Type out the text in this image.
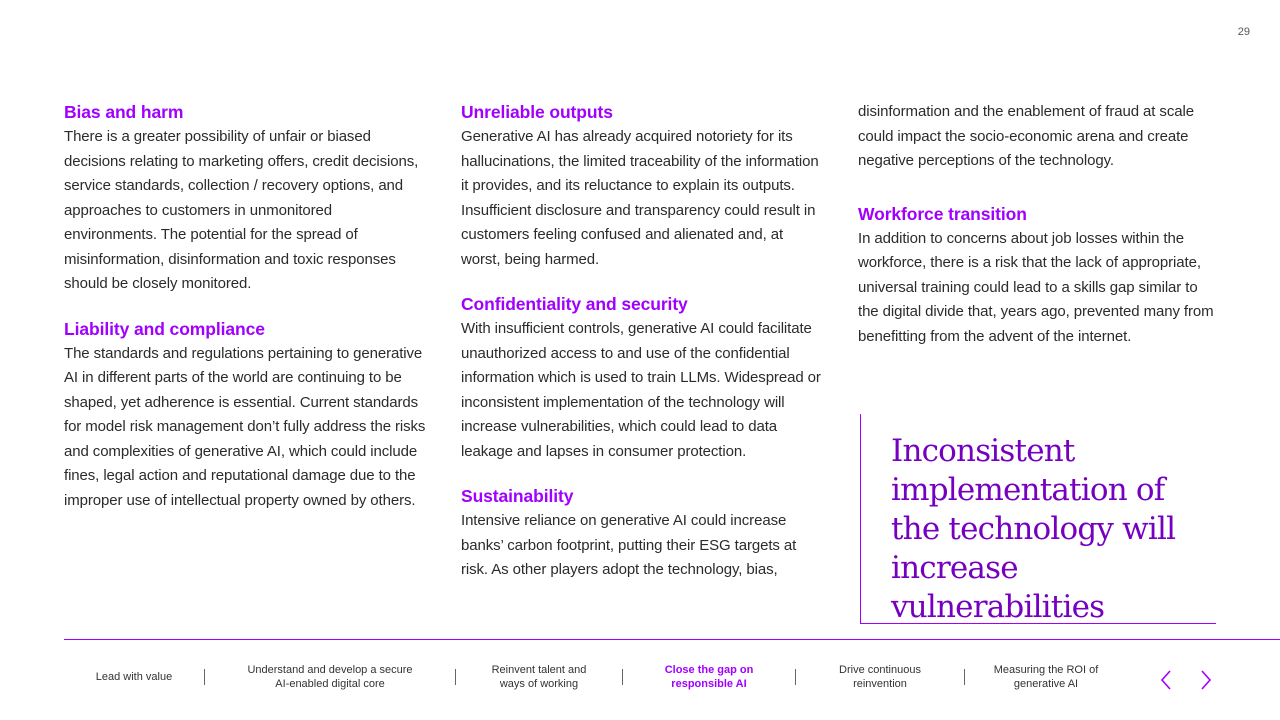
29
Bias and harm

There is a greater possibility of unfair or biased decisions relating to marketing offers, credit decisions, service standards, collection / recovery options, and approaches to customers in unmonitored environments. The potential for the spread of misinformation, disinformation and toxic responses should be closely monitored.

Liability and compliance

The standards and regulations pertaining to generative AI in different parts of the world are continuing to be shaped, yet adherence is essential. Current standards for model risk management don’t fully address the risks and complexities of generative AI, which could include fines, legal action and reputational damage due to the improper use of intellectual property owned by others.

Unreliable outputs

Generative AI has already acquired notoriety for its hallucinations, the limited traceability of the information it provides, and its reluctance to explain its outputs. Insufficient disclosure and transparency could result in customers feeling confused and alienated and, at worst, being harmed.

Confidentiality and security

With insufficient controls, generative AI could facilitate unauthorized access to and use of the confidential information which is used to train LLMs. Widespread or inconsistent implementation of the technology will increase vulnerabilities, which could lead to data leakage and lapses in consumer protection.

Sustainability

Intensive reliance on generative AI could increase banks’ carbon footprint, putting their ESG targets at risk. As other players adopt the technology, bias,

disinformation and the enablement of fraud at scale could impact the socio-economic arena and create negative perceptions of the technology.

Workforce transition

In addition to concerns about job losses within the workforce, there is a risk that the lack of appropriate, universal training could lead to a skills gap similar to the digital divide that, years ago, prevented many from benefitting from the advent of the internet.

Inconsistent implementation of the technology will increase vulnerabilities

Lead with value
Understand and develop a secure AI-enabled digital core
Reinvent talent and ways of working
Close the gap on responsible AI
Drive continuous reinvention
Measuring the ROI of generative AI
